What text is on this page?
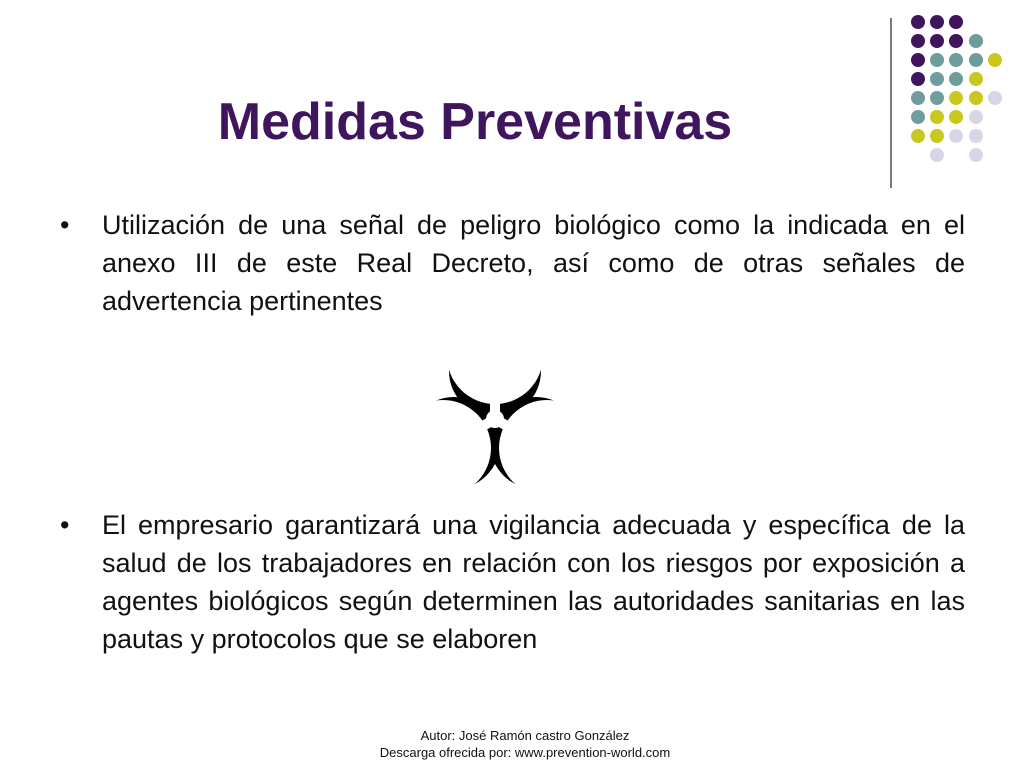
Medidas Preventivas
• Utilización de una señal de peligro biológico como la indicada en el anexo III de este Real Decreto, así como de otras señales de advertencia pertinentes
• El empresario garantizará una vigilancia adecuada y específica de la salud de los trabajadores en relación con los riesgos por exposición a agentes biológicos según determinen las autoridades sanitarias en las pautas y protocolos que se elaboren
Autor: José Ramón castro González
Descarga ofrecida por: www.prevention-world.com
